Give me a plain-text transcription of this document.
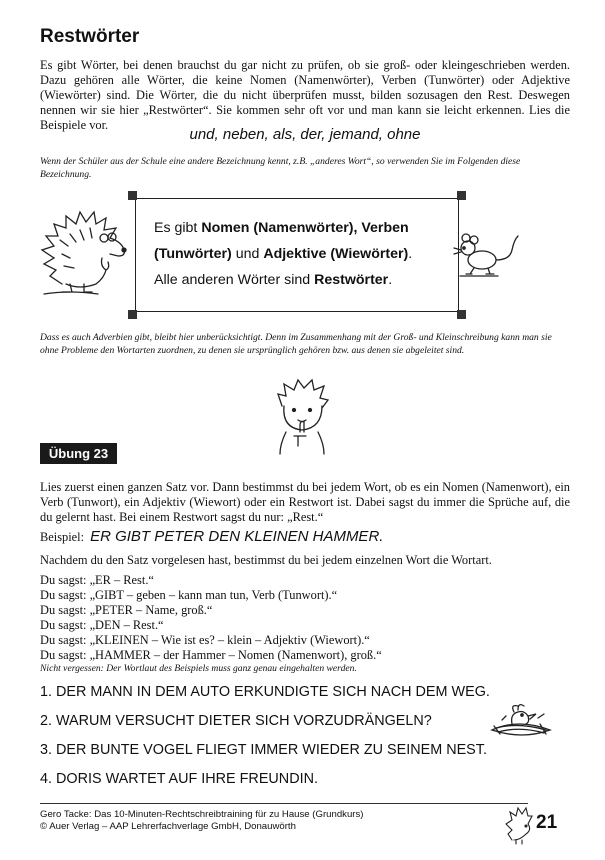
Restwörter

Es gibt Wörter, bei denen brauchst du gar nicht zu prüfen, ob sie groß- oder kleingeschrieben werden. Dazu gehören alle Wörter, die keine Nomen (Namenwörter), Verben (Tunwörter) oder Adjektive (Wiewörter) sind. Die Wörter, die du nicht überprüfen musst, bilden sozusagen den Rest. Deswegen nennen wir sie hier „Restwörter“. Sie kommen sehr oft vor und man kann sie leicht erkennen. Lies die Beispiele vor.

und, neben, als, der, jemand, ohne

Wenn der Schüler aus der Schule eine andere Bezeichnung kennt, z.B. „anderes Wort“, so verwenden Sie im Folgenden diese Bezeichnung.

Es gibt Nomen (Namenwörter), Verben
(Tunwörter) und Adjektive (Wiewörter).
Alle anderen Wörter sind Restwörter.

Dass es auch Adverbien gibt, bleibt hier unberücksichtigt. Denn im Zusammenhang mit der Groß- und Kleinschreibung kann man sie ohne Probleme den Wortarten zuordnen, zu denen sie ursprünglich gehören bzw. aus denen sie abgeleitet sind.

Übung 23

Lies zuerst einen ganzen Satz vor. Dann bestimmst du bei jedem Wort, ob es ein Nomen (Namenwort), ein Verb (Tunwort), ein Adjektiv (Wiewort) oder ein Restwort ist. Dabei sagst du immer die Sprüche auf, die du gelernt hast. Bei einem Restwort sagst du nur: „Rest.“

Beispiel: ER GIBT PETER DEN KLEINEN HAMMER.

Nachdem du den Satz vorgelesen hast, bestimmst du bei jedem einzelnen Wort die Wortart.

Du sagst: „ER – Rest.“
Du sagst: „GIBT – geben – kann man tun, Verb (Tunwort).“
Du sagst: „PETER – Name, groß.“
Du sagst: „DEN – Rest.“
Du sagst: „KLEINEN – Wie ist es? – klein – Adjektiv (Wiewort).“
Du sagst: „HAMMER – der Hammer – Nomen (Namenwort), groß.“

Nicht vergessen: Der Wortlaut des Beispiels muss ganz genau eingehalten werden.

1. DER MANN IN DEM AUTO ERKUNDIGTE SICH NACH DEM WEG.
2. WARUM VERSUCHT DIETER SICH VORZUDRÄNGELN?
3. DER BUNTE VOGEL FLIEGT IMMER WIEDER ZU SEINEM NEST.
4. DORIS WARTET AUF IHRE FREUNDIN.
Gero Tacke: Das 10-Minuten-Rechtschreibtraining für zu Hause (Grundkurs)
© Auer Verlag – AAP Lehrerfachverlage GmbH, Donauwörth	21
